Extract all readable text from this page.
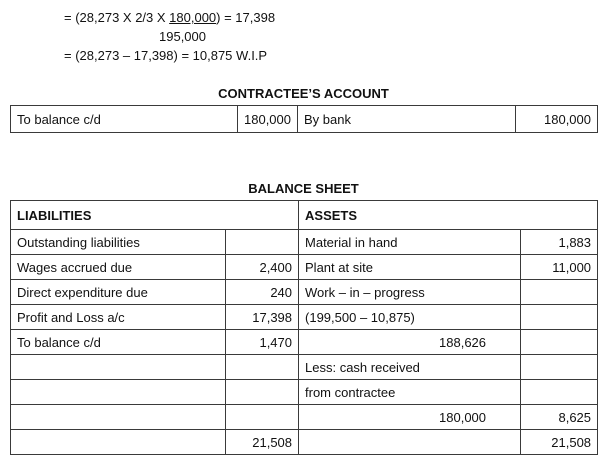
= (28,273 X 2/3 X 180,000) = 17,398
195,000
= (28,273 – 17,398) = 10,875 W.I.P
CONTRACTEE’S ACCOUNT
To balance c/d	180,000	By bank	180,000
BALANCE SHEET
LIABILITIES		ASSETS	
Outstanding liabilities		Material in hand	1,883
Wages accrued due	2,400	Plant at site	11,000
Direct expenditure due	240	Work – in – progress	

Profit and Loss a/c	17,398	(199,500 – 10,875)	

To balance c/d	1,470	188,626	

		Less: cash received	

		from contractee	

		180,000	8,625
	21,508		21,508
